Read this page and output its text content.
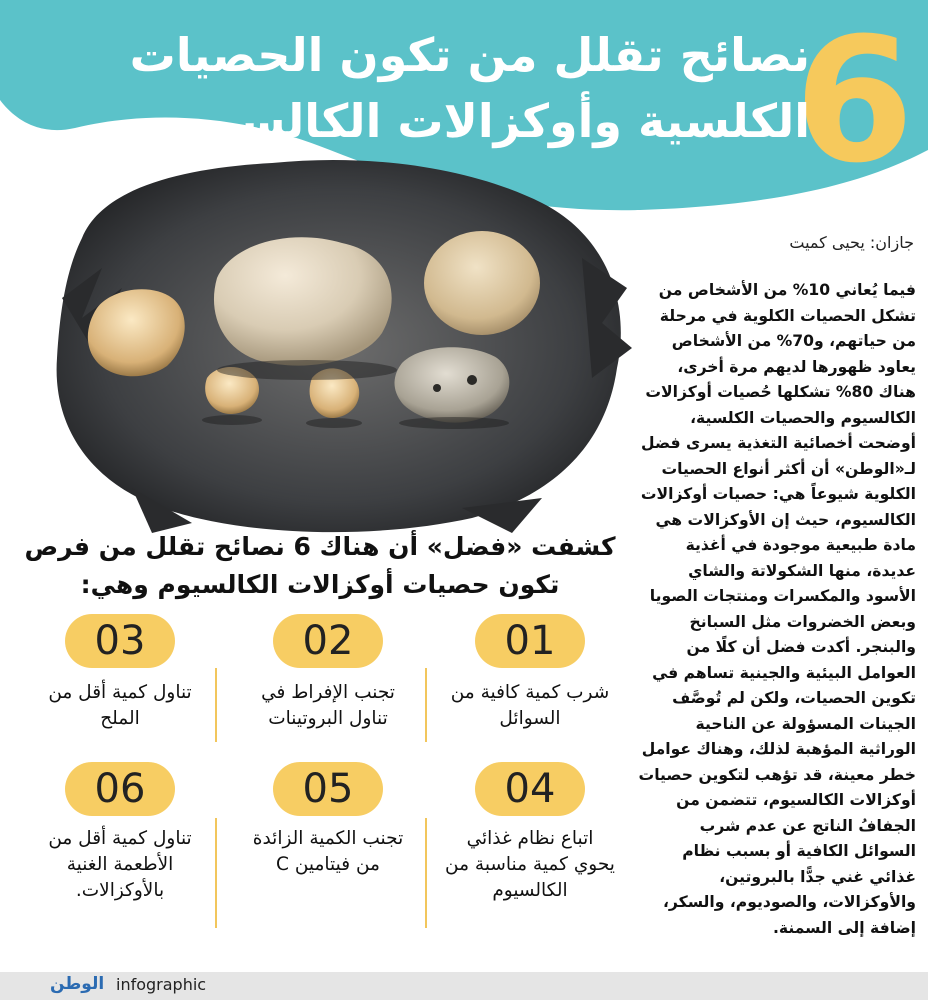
6
نصائح تقلل من تكون الحصيات الكلسية وأوكزالات الكالسيوم
جازان: يحيى كميت
فيما يُعاني 10% من الأشخاص من تشكل الحصيات الكلوية في مرحلة من حياتهم، و70% من الأشخاص يعاود ظهورها لديهم مرة أخرى، هناك 80% تشكلها حُصيات أوكزالات الكالسيوم والحصيات الكلسية، أوضحت أخصائية التغذية يسرى فضل لـ«الوطن» أن أكثر أنواع الحصيات الكلوية شيوعاً هي: حصيات أوكزالات الكالسيوم، حيث إن الأوكزالات هي مادة طبيعية موجودة في أغذية عديدة، منها الشكولاتة والشاي الأسود والمكسرات ومنتجات الصويا وبعض الخضروات مثل السبانخ والبنجر. أكدت فضل أن كلًا من العوامل البيئية والجينية تساهم في تكوين الحصيات، ولكن لم تُوصَّف الجينات المسؤولة عن الناحية الوراثية المؤهبة لذلك، وهناك عوامل خطر معينة، قد تؤهب لتكوين حصيات أوكزالات الكالسيوم، تتضمن من الجفافُ الناتج عن عدم شرب السوائل الكافية أو بسبب نظام غذائي غني جدًّا بالبروتين، والأوكزالات، والصوديوم، والسكر، إضافة إلى السمنة.
كشفت «فضل» أن هناك 6 نصائح تقلل من فرص تكون حصيات أوكزالات الكالسيوم وهي:
01
شرب كمية كافية من السوائل
02
تجنب الإفراط في تناول البروتينات
03
تناول كمية أقل من الملح
04
اتباع نظام غذائي يحوي كمية مناسبة من الكالسيوم
05
تجنب الكمية الزائدة من فيتامين C
06
تناول كمية أقل من الأطعمة الغنية بالأوكزالات.
الوطن infographic
